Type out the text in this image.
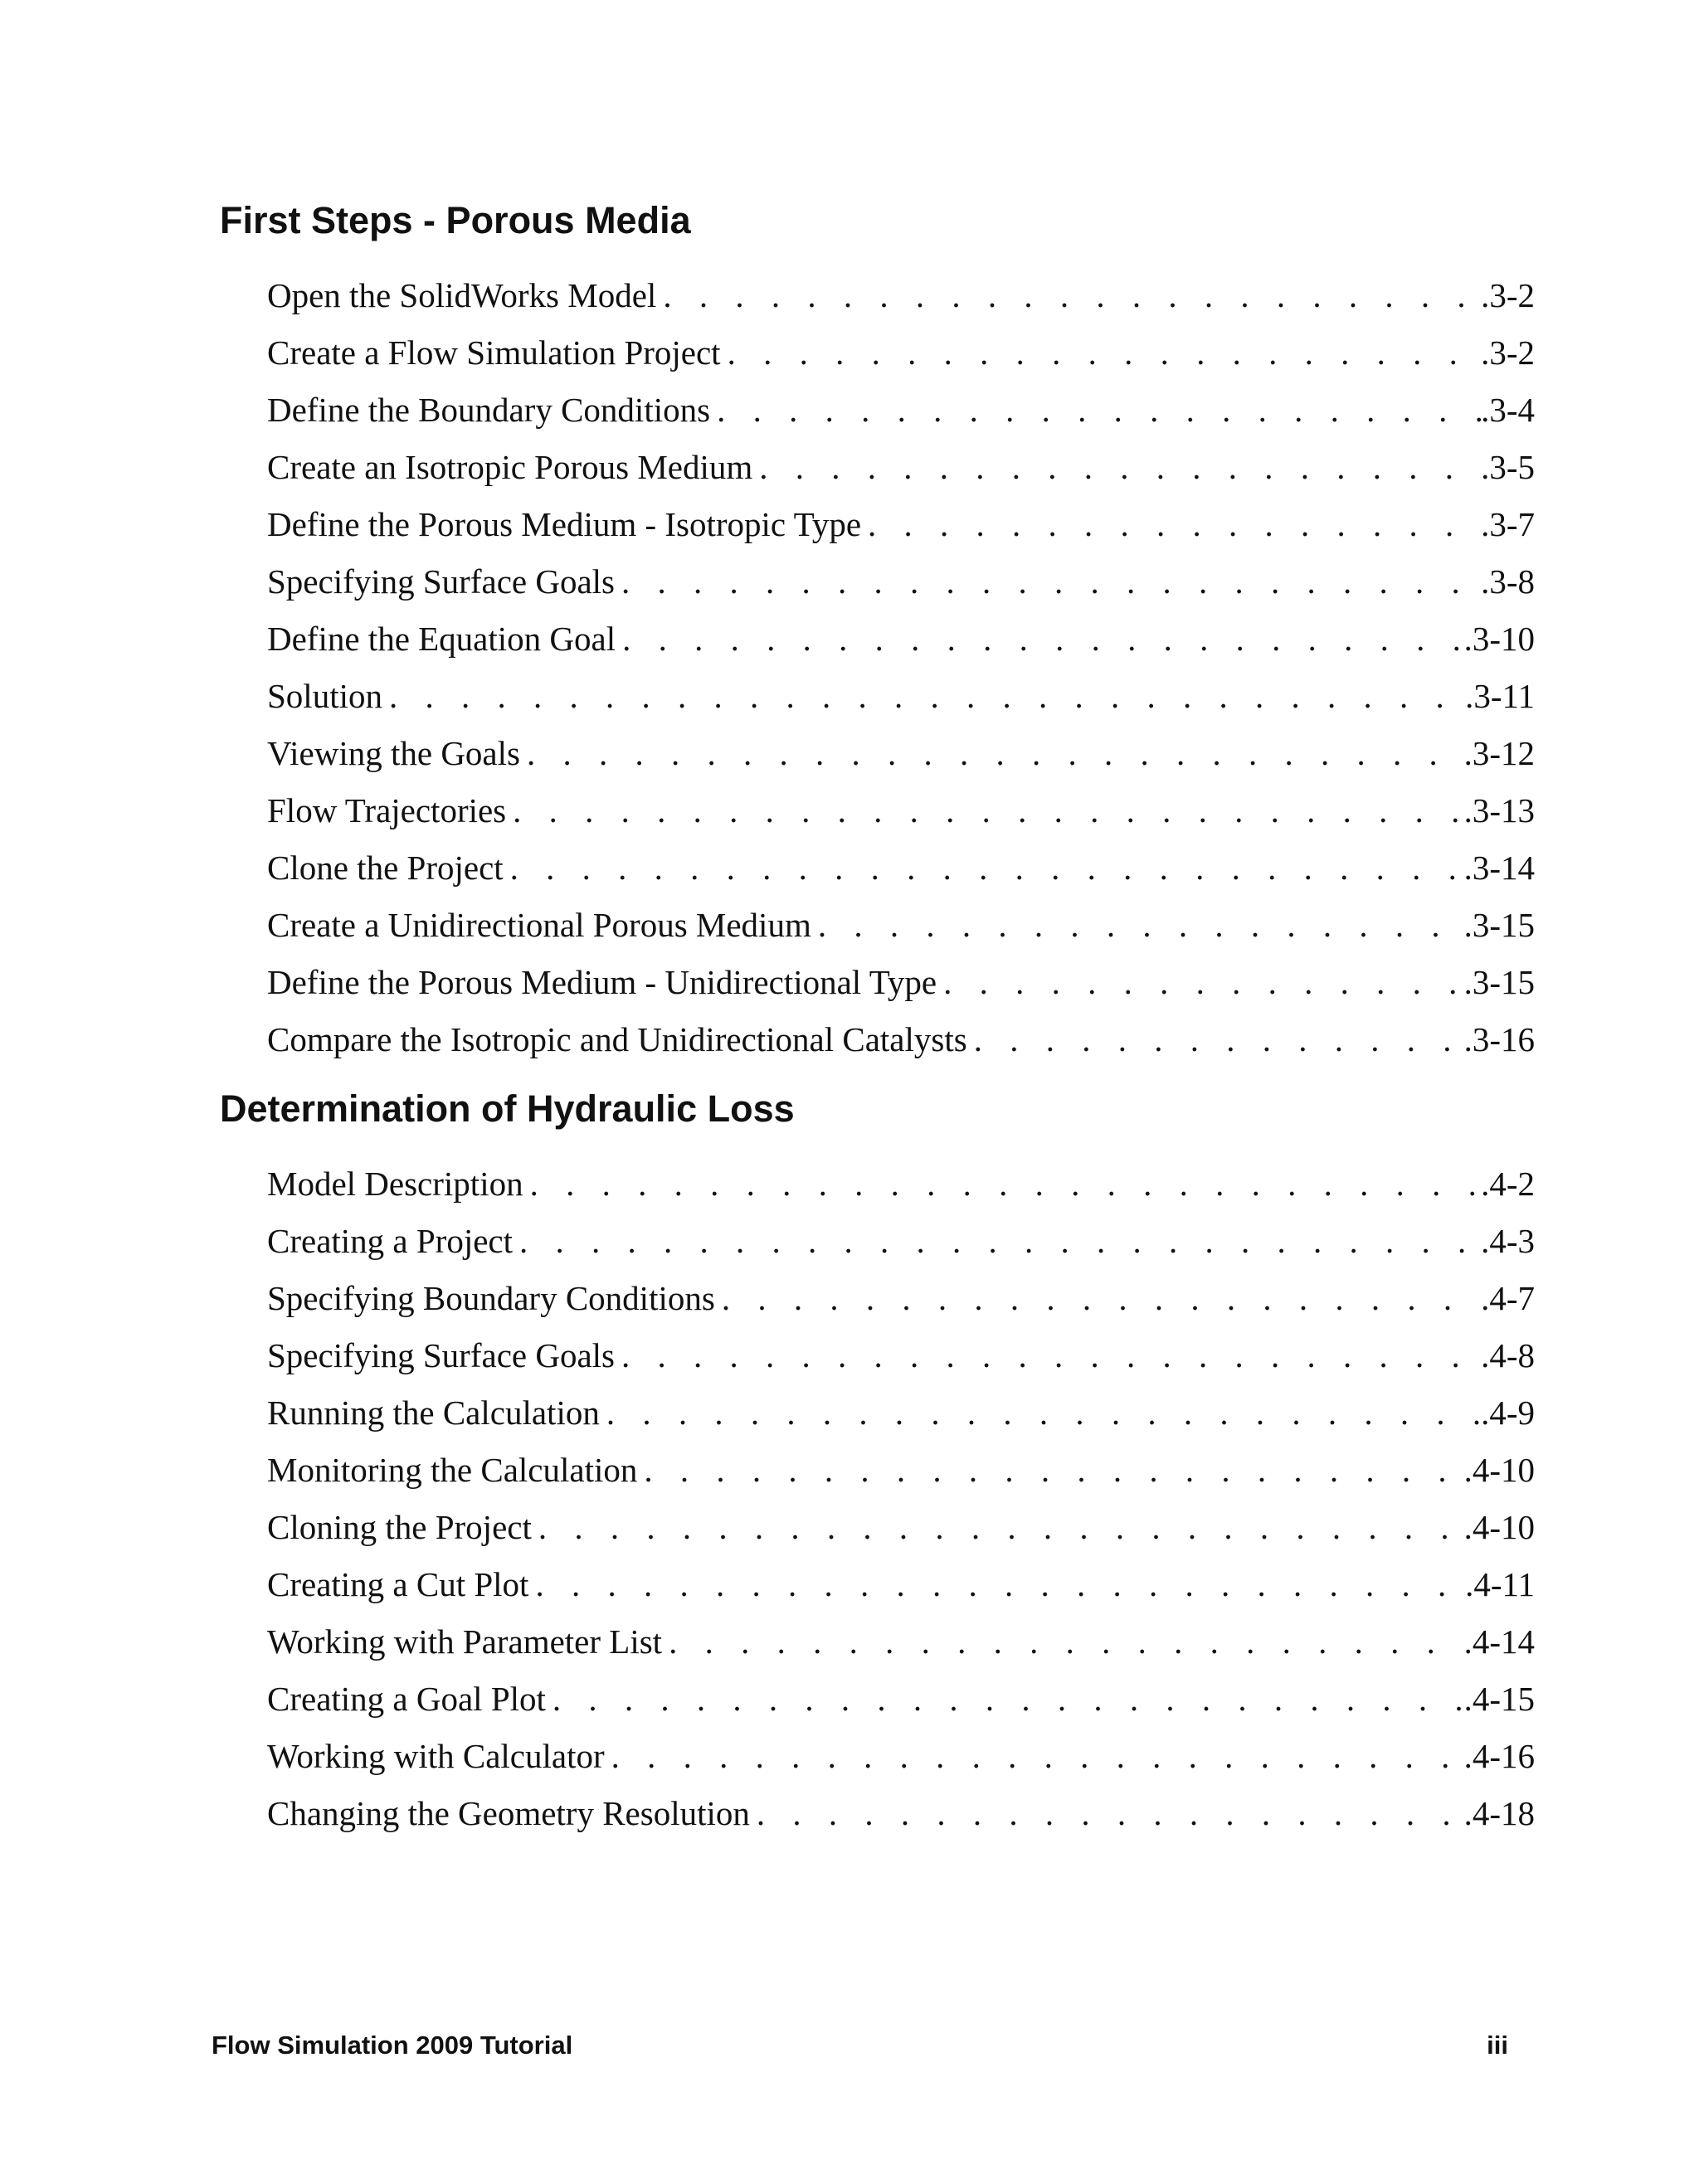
First Steps - Porous Media
Open the SolidWorks Model . . .	.3-2
Create a Flow Simulation Project . . .	.3-2
Define the Boundary Conditions . . .	.3-4
Create an Isotropic Porous Medium . . .	.3-5
Define the Porous Medium - Isotropic Type . . .	.3-7
Specifying Surface Goals . . .	.3-8
Define the Equation Goal . . .	.3-10
Solution . . .	.3-11
Viewing the Goals . . .	.3-12
Flow Trajectories . . .	.3-13
Clone the Project . . .	.3-14
Create a Unidirectional Porous Medium . . .	.3-15
Define the Porous Medium - Unidirectional Type . . .	.3-15
Compare the Isotropic and Unidirectional Catalysts . . .	.3-16
Determination of Hydraulic Loss
Model Description . . .	.4-2
Creating a Project . . .	.4-3
Specifying Boundary Conditions . . .	.4-7
Specifying Surface Goals . . .	.4-8
Running the Calculation . . .	.4-9
Monitoring the Calculation . . .	.4-10
Cloning the Project . . .	.4-10
Creating a Cut Plot . . .	.4-11
Working with Parameter List . . .	.4-14
Creating a Goal Plot . . .	.4-15
Working with Calculator . . .	.4-16
Changing the Geometry Resolution . . .	.4-18
Flow Simulation 2009 Tutorial	iii
